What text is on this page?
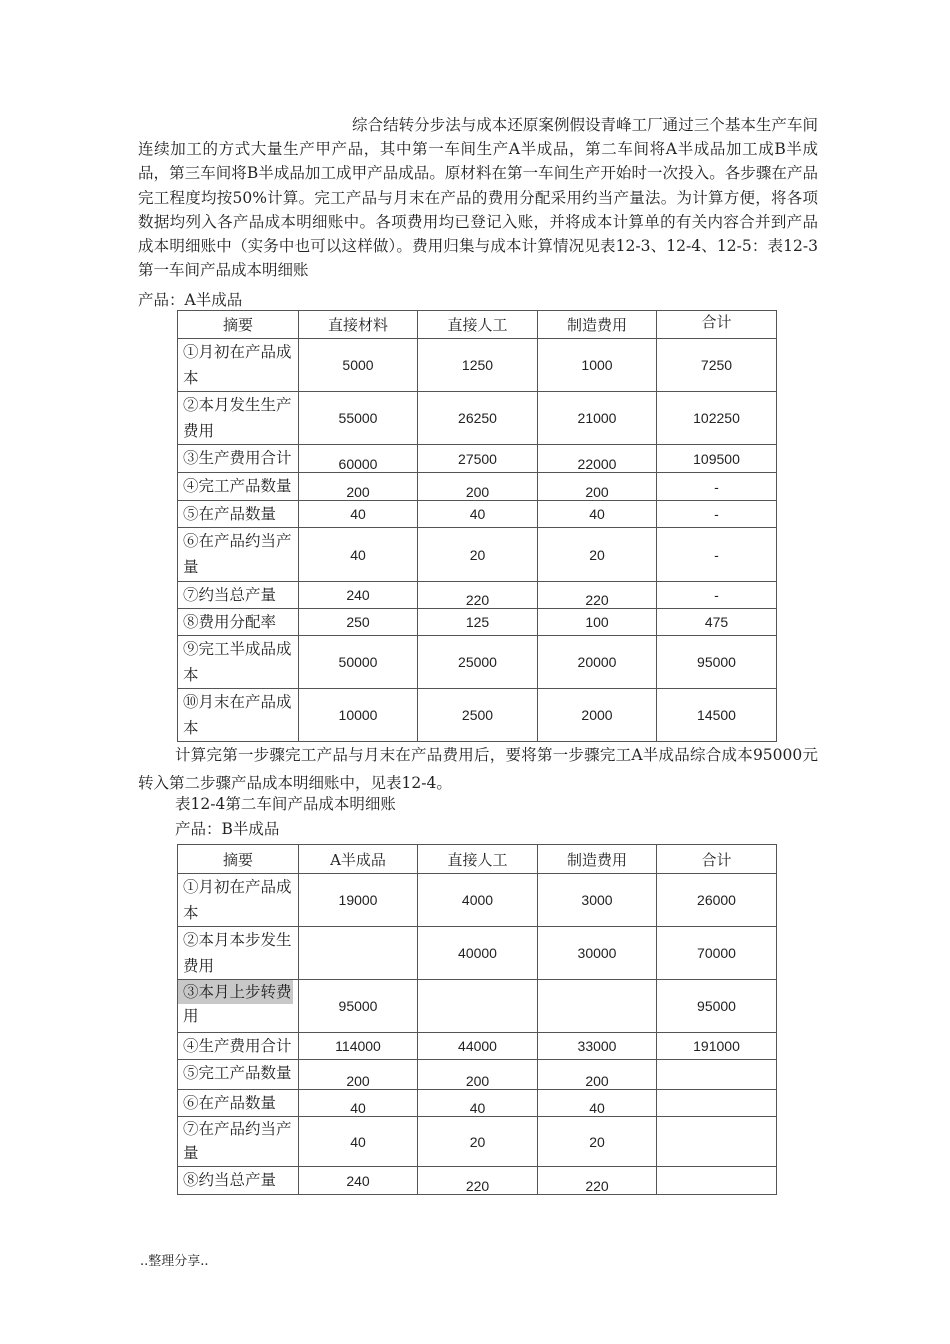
综合结转分步法与成本还原案例假设青峰工厂通过三个基本生产车间连续加工的方式大量生产甲产品，其中第一车间生产A半成品，第二车间将A半成品加工成B半成品，第三车间将B半成品加工成甲产品成品。原材料在第一车间生产开始时一次投入。各步骤在产品完工程度均按50%计算。完工产品与月末在产品的费用分配采用约当产量法。为计算方便，将各项数据均列入各产品成本明细账中。各项费用均已登记入账，并将成本计算单的有关内容合并到产品成本明细账中（实务中也可以这样做）。费用归集与成本计算情况见表12-3、12-4、12-5：表12-3第一车间产品成本明细账
产品：A半成品
摘要	直接材料	直接人工	制造费用	合计
①月初在产品成本	5000	1250	1000	7250
②本月发生生产费用	55000	26250	21000	102250
③生产费用合计	60000	27500	22000	109500
④完工产品数量	200	200	200	-
⑤在产品数量	40	40	40	-
⑥在产品约当产量	40	20	20	-
⑦约当总产量	240	220	220	-
⑧费用分配率	250	125	100	475
⑨完工半成品成本	50000	25000	20000	95000
⑩月末在产品成本	10000	2500	2000	14500
计算完第一步骤完工产品与月末在产品费用后，要将第一步骤完工A半成品综合成本95000元转入第二步骤产品成本明细账中，见表12-4。
表12-4第二车间产品成本明细账
产品：B半成品
摘要	A半成品	直接人工	制造费用	合计
①月初在产品成本	19000	4000	3000	26000
②本月本步发生费用		40000	30000	70000

③本月上步转费用	95000			95000
④生产费用合计	114000	44000	33000	191000
⑤完工产品数量	200	200	200	
⑥在产品数量	40	40	40	
⑦在产品约当产量	40	20	20	
⑧约当总产量	240	220	220	
..整理分享..
